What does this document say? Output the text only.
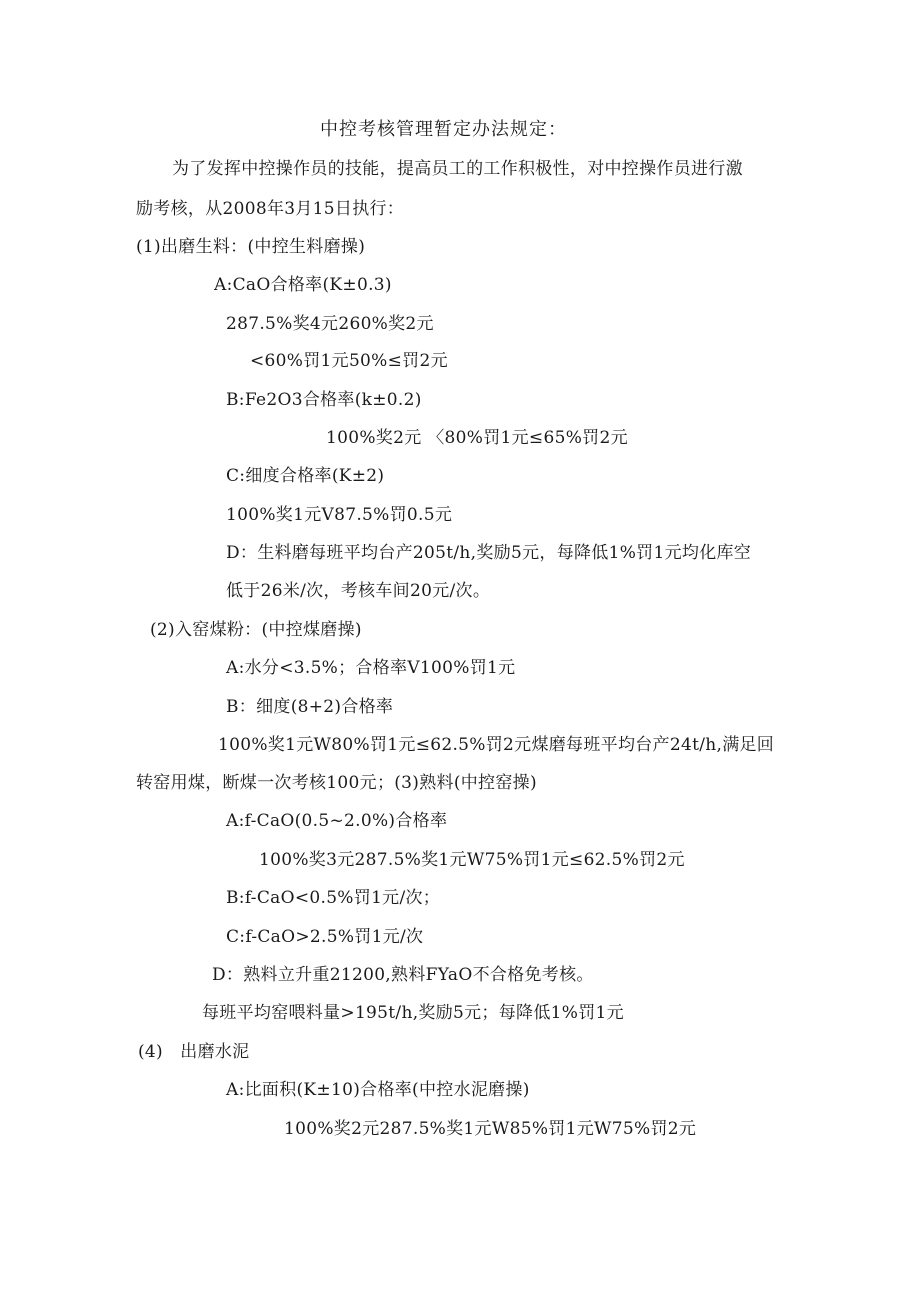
中控考核管理暂定办法规定：
为了发挥中控操作员的技能，提高员工的工作积极性，对中控操作员进行激
励考核，从2008年3月15日执行：
(1)出磨生料：(中控生料磨操)
A:CaO合格率(K±0.3)
287.5%奖4元260%奖2元
<60%罚1元50%≤罚2元
B:Fe2O3合格率(k±0.2)
100%奖2元 〈80%罚1元≤65%罚2元
C:细度合格率(K±2)
100%奖1元V87.5%罚0.5元
D：生料磨每班平均台产205t/h,奖励5元，每降低1%罚1元均化库空
低于26米/次，考核车间20元/次。
(2)入窑煤粉：(中控煤磨操)
A:水分<3.5%；合格率V100%罚1元
B：细度(8+2)合格率
100%奖1元W80%罚1元≤62.5%罚2元煤磨每班平均台产24t/h,满足回
转窑用煤，断煤一次考核100元；(3)熟料(中控窑操)
A:f-CaO(0.5~2.0%)合格率
100%奖3元287.5%奖1元W75%罚1元≤62.5%罚2元
B:f-CaO<0.5%罚1元/次；
C:f-CaO>2.5%罚1元/次
D：熟料立升重21200,熟料FYaO不合格免考核。
每班平均窑喂料量>195t/h,奖励5元；每降低1%罚1元
(4)　出磨水泥
A:比面积(K±10)合格率(中控水泥磨操)
100%奖2元287.5%奖1元W85%罚1元W75%罚2元
